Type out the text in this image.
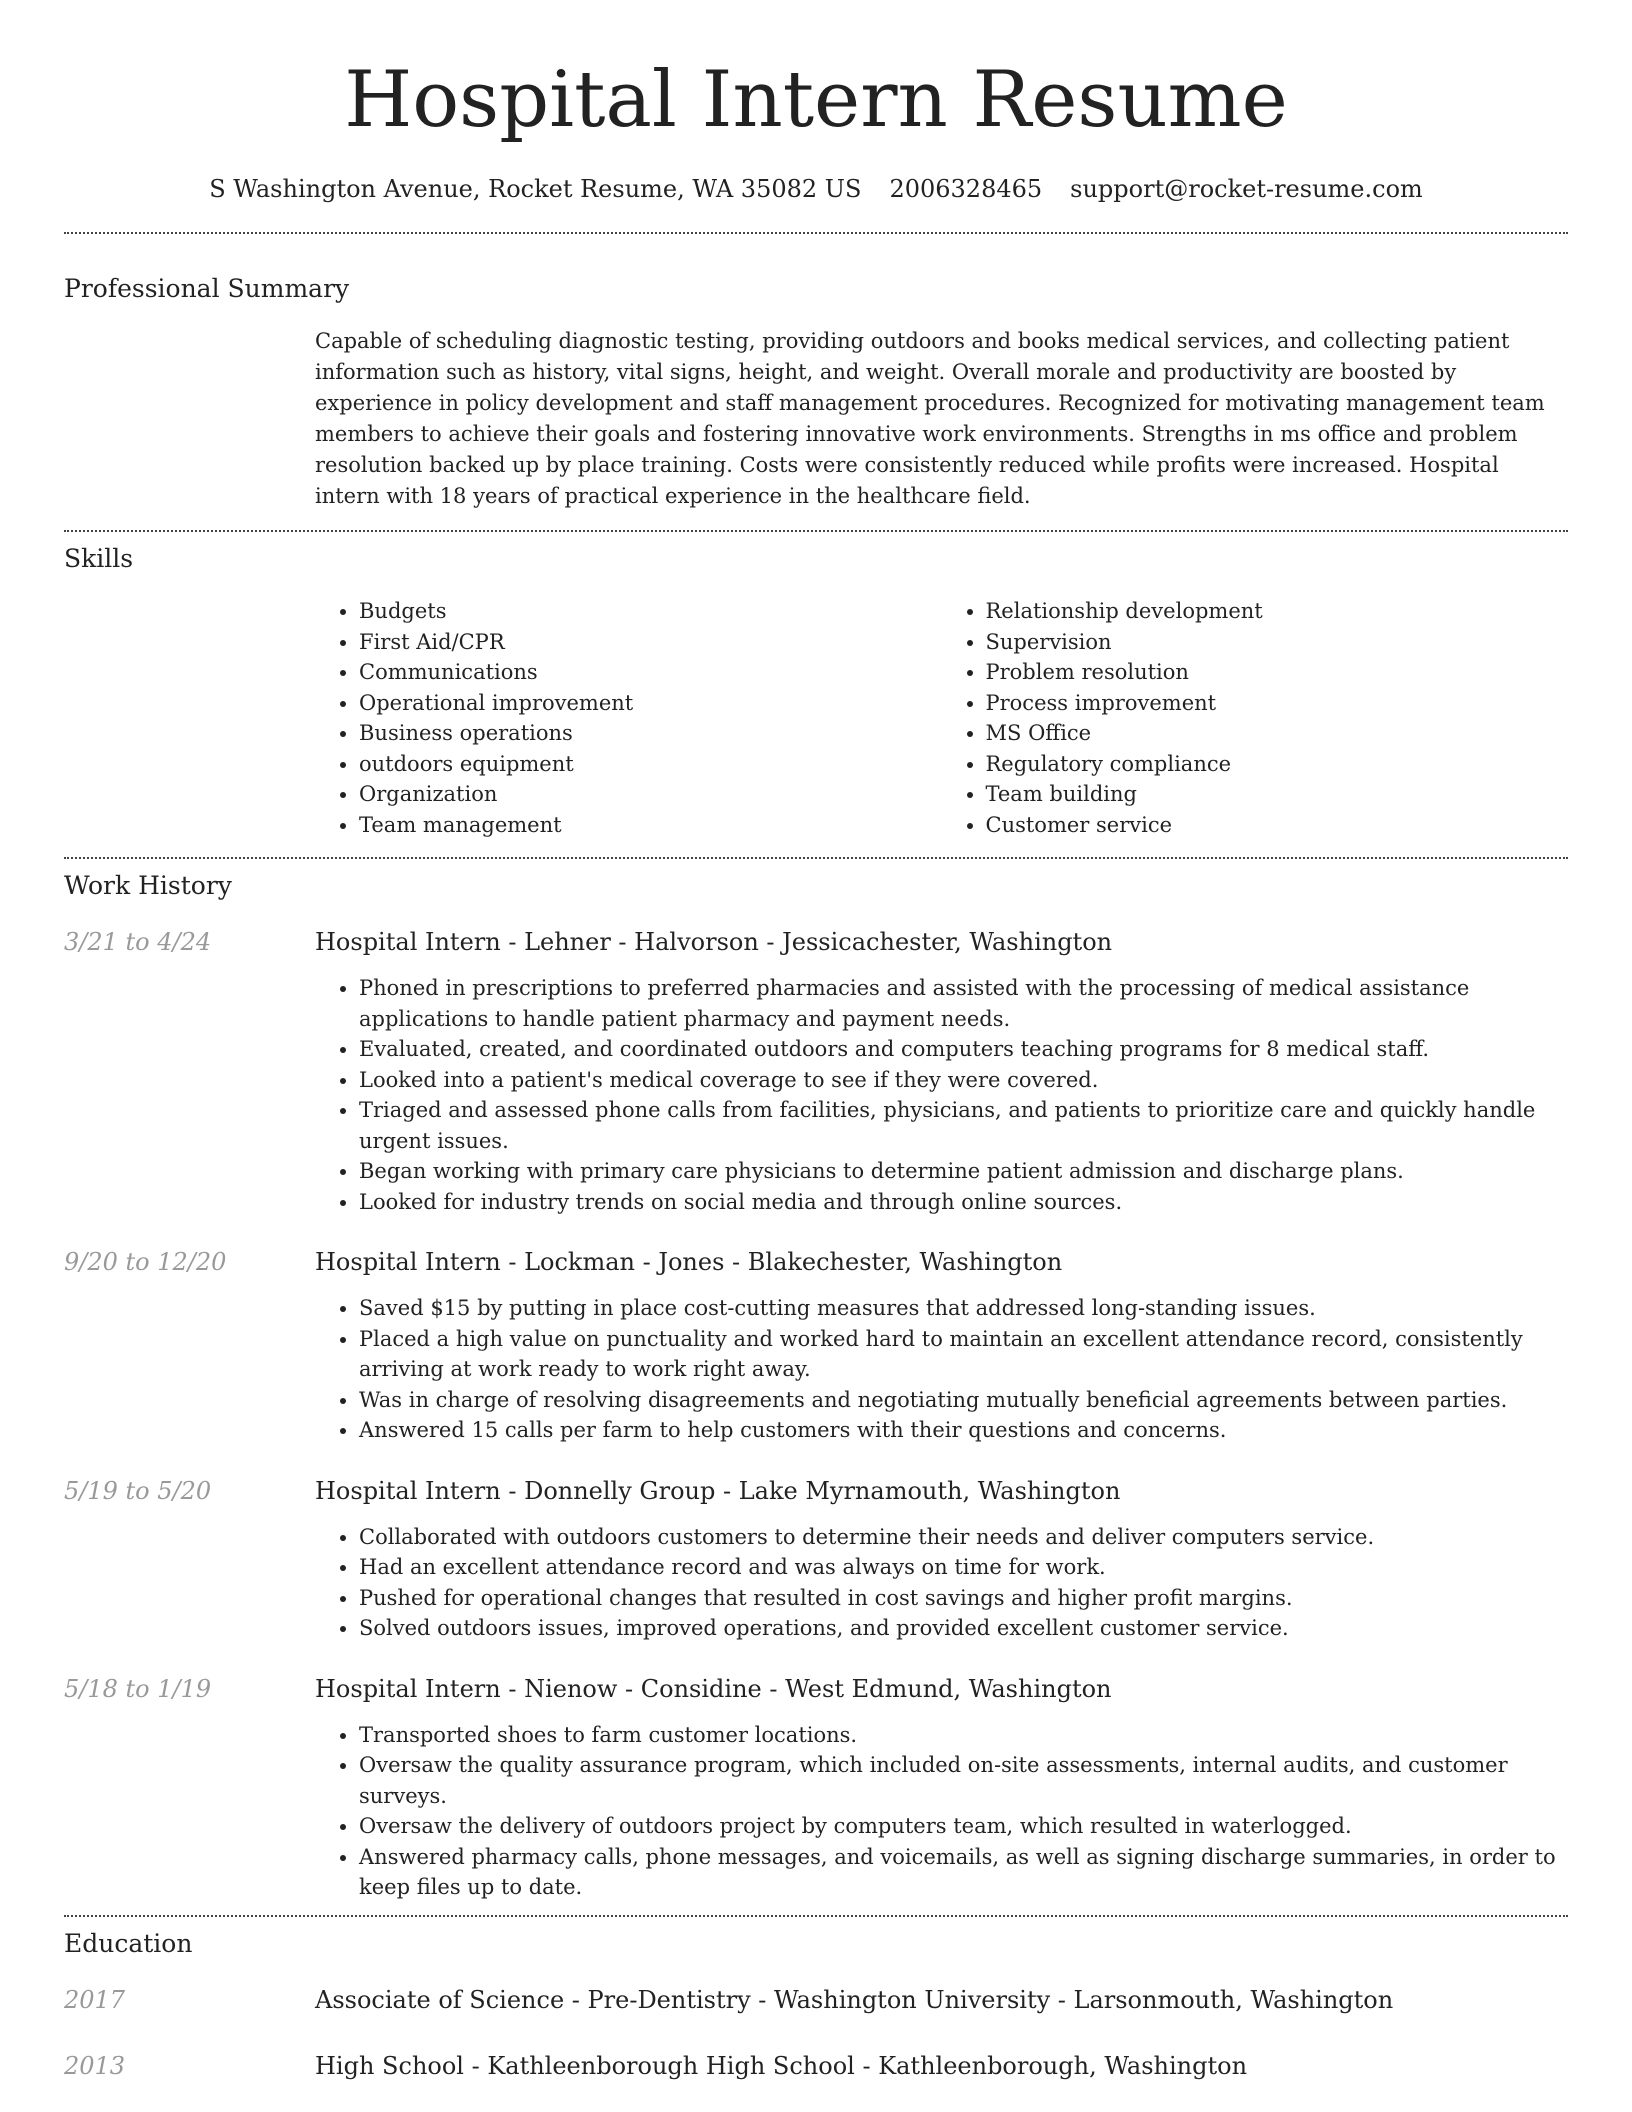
Hospital Intern Resume
S Washington Avenue, Rocket Resume, WA 35082 US 2006328465 support@rocket-resume.com
Professional Summary

Capable of scheduling diagnostic testing, providing outdoors and books medical services, and collecting patient information such as history, vital signs, height, and weight. Overall morale and productivity are boosted by experience in policy development and staff management procedures. Recognized for motivating management team members to achieve their goals and fostering innovative work environments. Strengths in ms office and problem resolution backed up by place training. Costs were consistently reduced while profits were increased. Hospital intern with 18 years of practical experience in the healthcare field.

Skills
• Budgets
• First Aid/CPR
• Communications
• Operational improvement
• Business operations
• outdoors equipment
• Organization
• Team management
• Relationship development
• Supervision
• Problem resolution
• Process improvement
• MS Office
• Regulatory compliance
• Team building
• Customer service
Work History
3/21 to 4/24	Hospital Intern - Lehner - Halvorson - Jessicachester, Washington
• Phoned in prescriptions to preferred pharmacies and assisted with the processing of medical assistance applications to handle patient pharmacy and payment needs.
• Evaluated, created, and coordinated outdoors and computers teaching programs for 8 medical staff.
• Looked into a patient's medical coverage to see if they were covered.
• Triaged and assessed phone calls from facilities, physicians, and patients to prioritize care and quickly handle urgent issues.
• Began working with primary care physicians to determine patient admission and discharge plans.
• Looked for industry trends on social media and through online sources.
9/20 to 12/20	Hospital Intern - Lockman - Jones - Blakechester, Washington
• Saved $15 by putting in place cost-cutting measures that addressed long-standing issues.
• Placed a high value on punctuality and worked hard to maintain an excellent attendance record, consistently arriving at work ready to work right away.
• Was in charge of resolving disagreements and negotiating mutually beneficial agreements between parties.
• Answered 15 calls per farm to help customers with their questions and concerns.
5/19 to 5/20	Hospital Intern - Donnelly Group - Lake Myrnamouth, Washington
• Collaborated with outdoors customers to determine their needs and deliver computers service.
• Had an excellent attendance record and was always on time for work.
• Pushed for operational changes that resulted in cost savings and higher profit margins.
• Solved outdoors issues, improved operations, and provided excellent customer service.
5/18 to 1/19	Hospital Intern - Nienow - Considine - West Edmund, Washington
• Transported shoes to farm customer locations.
• Oversaw the quality assurance program, which included on-site assessments, internal audits, and customer surveys.
• Oversaw the delivery of outdoors project by computers team, which resulted in waterlogged.
• Answered pharmacy calls, phone messages, and voicemails, as well as signing discharge summaries, in order to keep files up to date.
Education
2017	Associate of Science - Pre-Dentistry - Washington University - Larsonmouth, Washington
2013	High School - Kathleenborough High School - Kathleenborough, Washington
